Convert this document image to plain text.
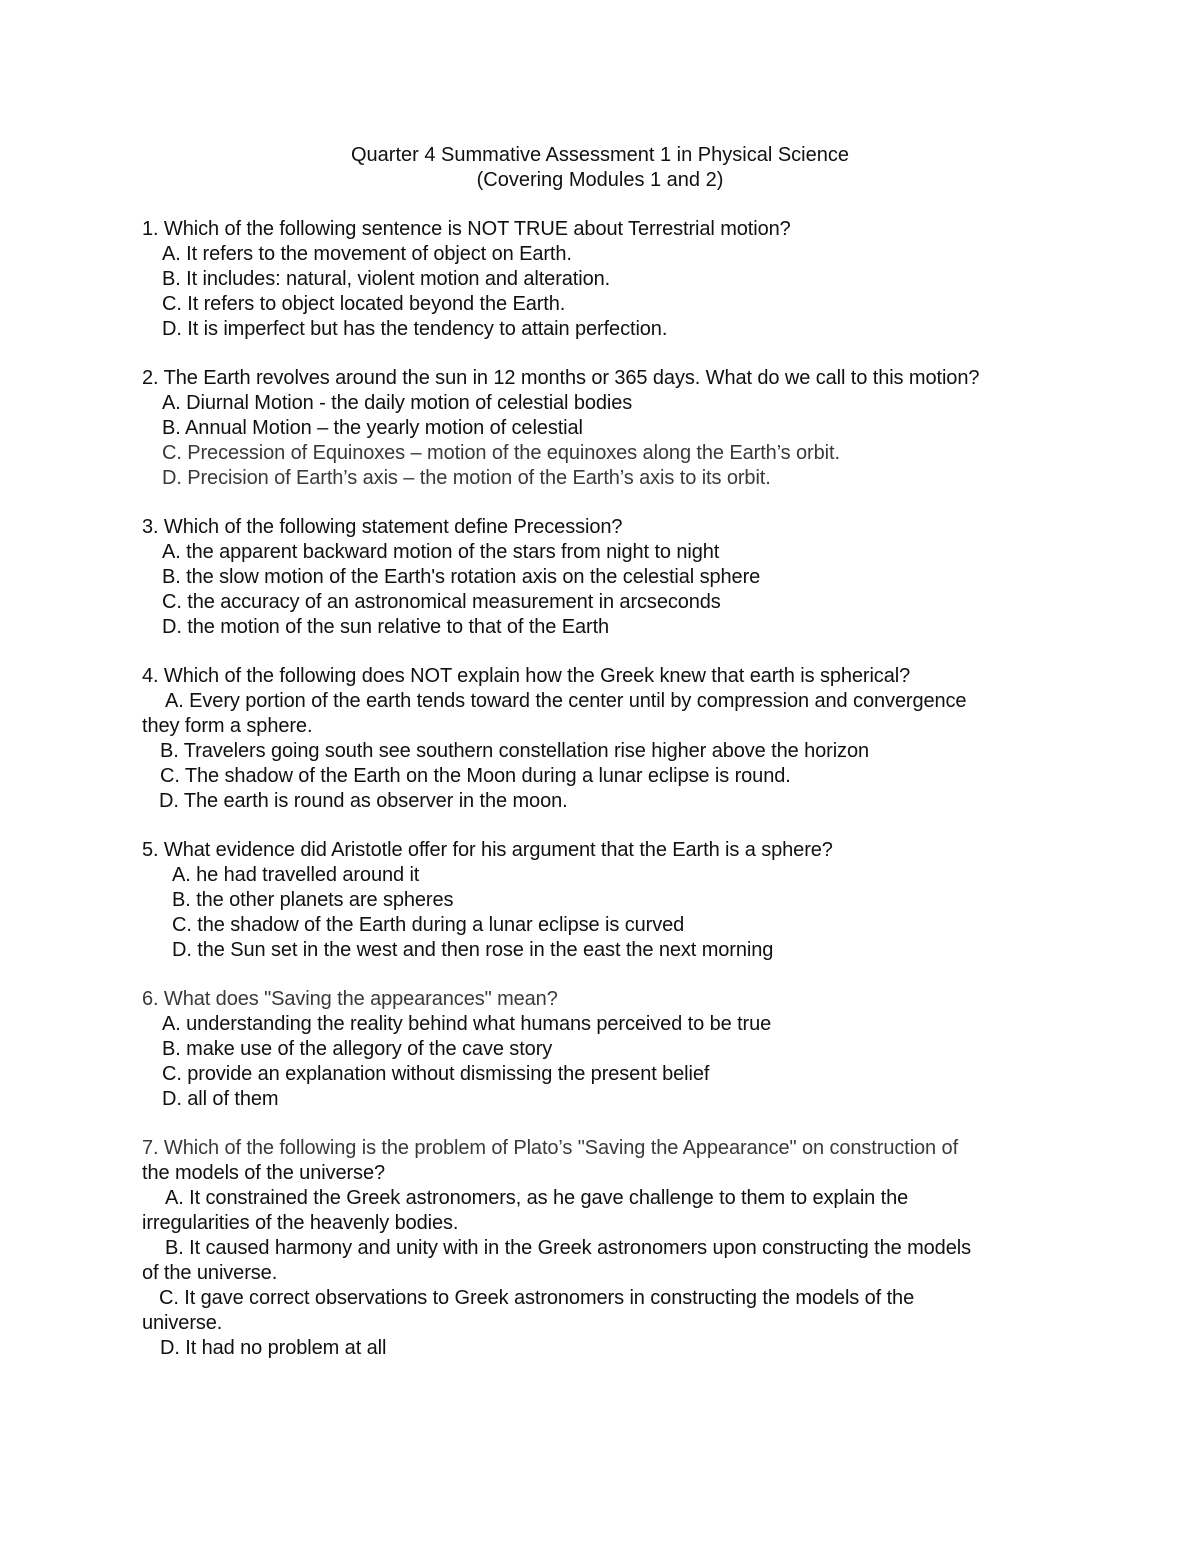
Quarter 4 Summative Assessment 1 in Physical Science
(Covering Modules 1 and 2)
1. Which of the following sentence is NOT TRUE about Terrestrial motion?
A. It refers to the movement of object on Earth.
B. It includes: natural, violent motion and alteration.
C. It refers to object located beyond the Earth.
D. It is imperfect but has the tendency to attain perfection.
2. The Earth revolves around the sun in 12 months or 365 days. What do we call to this motion?
A. Diurnal Motion - the daily motion of celestial bodies
B. Annual Motion – the yearly motion of celestial
C. Precession of Equinoxes – motion of the equinoxes along the Earth’s orbit.
D. Precision of Earth’s axis – the motion of the Earth’s axis to its orbit.
3. Which of the following statement define Precession?
A. the apparent backward motion of the stars from night to night
B. the slow motion of the Earth's rotation axis on the celestial sphere
C. the accuracy of an astronomical measurement in arcseconds
D. the motion of the sun relative to that of the Earth
4. Which of the following does NOT explain how the Greek knew that earth is spherical?
A. Every portion of the earth tends toward the center until by compression and convergence
they form a sphere.
B. Travelers going south see southern constellation rise higher above the horizon
C. The shadow of the Earth on the Moon during a lunar eclipse is round.
D. The earth is round as observer in the moon.
5. What evidence did Aristotle offer for his argument that the Earth is a sphere?
A. he had travelled around it
B. the other planets are spheres
C. the shadow of the Earth during a lunar eclipse is curved
D. the Sun set in the west and then rose in the east the next morning
6. What does "Saving the appearances" mean?
A. understanding the reality behind what humans perceived to be true
B. make use of the allegory of the cave story
C. provide an explanation without dismissing the present belief
D. all of them
7. Which of the following is the problem of Plato’s "Saving the Appearance" on construction of
the models of the universe?
A. It constrained the Greek astronomers, as he gave challenge to them to explain the
irregularities of the heavenly bodies.
B. It caused harmony and unity with in the Greek astronomers upon constructing the models
of the universe.
C. It gave correct observations to Greek astronomers in constructing the models of the
universe.
D. It had no problem at all
